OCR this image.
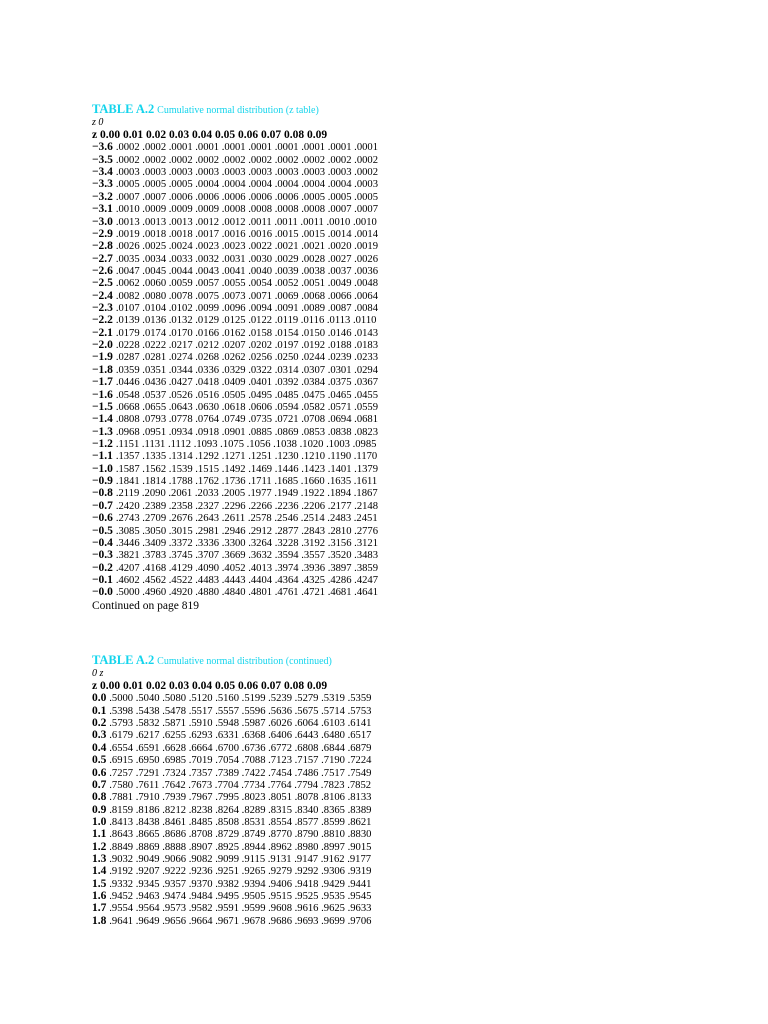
TABLE A.2 Cumulative normal distribution (z table)
z 0
z 0.00 0.01 0.02 0.03 0.04 0.05 0.06 0.07 0.08 0.09
−3.6 .0002 .0002 .0001 .0001 .0001 .0001 .0001 .0001 .0001 .0001
−3.5 .0002 .0002 .0002 .0002 .0002 .0002 .0002 .0002 .0002 .0002
−3.4 .0003 .0003 .0003 .0003 .0003 .0003 .0003 .0003 .0003 .0002
−3.3 .0005 .0005 .0005 .0004 .0004 .0004 .0004 .0004 .0004 .0003
−3.2 .0007 .0007 .0006 .0006 .0006 .0006 .0006 .0005 .0005 .0005
−3.1 .0010 .0009 .0009 .0009 .0008 .0008 .0008 .0008 .0007 .0007
−3.0 .0013 .0013 .0013 .0012 .0012 .0011 .0011 .0011 .0010 .0010
−2.9 .0019 .0018 .0018 .0017 .0016 .0016 .0015 .0015 .0014 .0014
−2.8 .0026 .0025 .0024 .0023 .0023 .0022 .0021 .0021 .0020 .0019
−2.7 .0035 .0034 .0033 .0032 .0031 .0030 .0029 .0028 .0027 .0026
−2.6 .0047 .0045 .0044 .0043 .0041 .0040 .0039 .0038 .0037 .0036
−2.5 .0062 .0060 .0059 .0057 .0055 .0054 .0052 .0051 .0049 .0048
−2.4 .0082 .0080 .0078 .0075 .0073 .0071 .0069 .0068 .0066 .0064
−2.3 .0107 .0104 .0102 .0099 .0096 .0094 .0091 .0089 .0087 .0084
−2.2 .0139 .0136 .0132 .0129 .0125 .0122 .0119 .0116 .0113 .0110
−2.1 .0179 .0174 .0170 .0166 .0162 .0158 .0154 .0150 .0146 .0143
−2.0 .0228 .0222 .0217 .0212 .0207 .0202 .0197 .0192 .0188 .0183
−1.9 .0287 .0281 .0274 .0268 .0262 .0256 .0250 .0244 .0239 .0233
−1.8 .0359 .0351 .0344 .0336 .0329 .0322 .0314 .0307 .0301 .0294
−1.7 .0446 .0436 .0427 .0418 .0409 .0401 .0392 .0384 .0375 .0367
−1.6 .0548 .0537 .0526 .0516 .0505 .0495 .0485 .0475 .0465 .0455
−1.5 .0668 .0655 .0643 .0630 .0618 .0606 .0594 .0582 .0571 .0559
−1.4 .0808 .0793 .0778 .0764 .0749 .0735 .0721 .0708 .0694 .0681
−1.3 .0968 .0951 .0934 .0918 .0901 .0885 .0869 .0853 .0838 .0823
−1.2 .1151 .1131 .1112 .1093 .1075 .1056 .1038 .1020 .1003 .0985
−1.1 .1357 .1335 .1314 .1292 .1271 .1251 .1230 .1210 .1190 .1170
−1.0 .1587 .1562 .1539 .1515 .1492 .1469 .1446 .1423 .1401 .1379
−0.9 .1841 .1814 .1788 .1762 .1736 .1711 .1685 .1660 .1635 .1611
−0.8 .2119 .2090 .2061 .2033 .2005 .1977 .1949 .1922 .1894 .1867
−0.7 .2420 .2389 .2358 .2327 .2296 .2266 .2236 .2206 .2177 .2148
−0.6 .2743 .2709 .2676 .2643 .2611 .2578 .2546 .2514 .2483 .2451
−0.5 .3085 .3050 .3015 .2981 .2946 .2912 .2877 .2843 .2810 .2776
−0.4 .3446 .3409 .3372 .3336 .3300 .3264 .3228 .3192 .3156 .3121
−0.3 .3821 .3783 .3745 .3707 .3669 .3632 .3594 .3557 .3520 .3483
−0.2 .4207 .4168 .4129 .4090 .4052 .4013 .3974 .3936 .3897 .3859
−0.1 .4602 .4562 .4522 .4483 .4443 .4404 .4364 .4325 .4286 .4247
−0.0 .5000 .4960 .4920 .4880 .4840 .4801 .4761 .4721 .4681 .4641
Continued on page 819
TABLE A.2 Cumulative normal distribution (continued)
0 z
z 0.00 0.01 0.02 0.03 0.04 0.05 0.06 0.07 0.08 0.09
0.0 .5000 .5040 .5080 .5120 .5160 .5199 .5239 .5279 .5319 .5359
0.1 .5398 .5438 .5478 .5517 .5557 .5596 .5636 .5675 .5714 .5753
0.2 .5793 .5832 .5871 .5910 .5948 .5987 .6026 .6064 .6103 .6141
0.3 .6179 .6217 .6255 .6293 .6331 .6368 .6406 .6443 .6480 .6517
0.4 .6554 .6591 .6628 .6664 .6700 .6736 .6772 .6808 .6844 .6879
0.5 .6915 .6950 .6985 .7019 .7054 .7088 .7123 .7157 .7190 .7224
0.6 .7257 .7291 .7324 .7357 .7389 .7422 .7454 .7486 .7517 .7549
0.7 .7580 .7611 .7642 .7673 .7704 .7734 .7764 .7794 .7823 .7852
0.8 .7881 .7910 .7939 .7967 .7995 .8023 .8051 .8078 .8106 .8133
0.9 .8159 .8186 .8212 .8238 .8264 .8289 .8315 .8340 .8365 .8389
1.0 .8413 .8438 .8461 .8485 .8508 .8531 .8554 .8577 .8599 .8621
1.1 .8643 .8665 .8686 .8708 .8729 .8749 .8770 .8790 .8810 .8830
1.2 .8849 .8869 .8888 .8907 .8925 .8944 .8962 .8980 .8997 .9015
1.3 .9032 .9049 .9066 .9082 .9099 .9115 .9131 .9147 .9162 .9177
1.4 .9192 .9207 .9222 .9236 .9251 .9265 .9279 .9292 .9306 .9319
1.5 .9332 .9345 .9357 .9370 .9382 .9394 .9406 .9418 .9429 .9441
1.6 .9452 .9463 .9474 .9484 .9495 .9505 .9515 .9525 .9535 .9545
1.7 .9554 .9564 .9573 .9582 .9591 .9599 .9608 .9616 .9625 .9633
1.8 .9641 .9649 .9656 .9664 .9671 .9678 .9686 .9693 .9699 .9706
